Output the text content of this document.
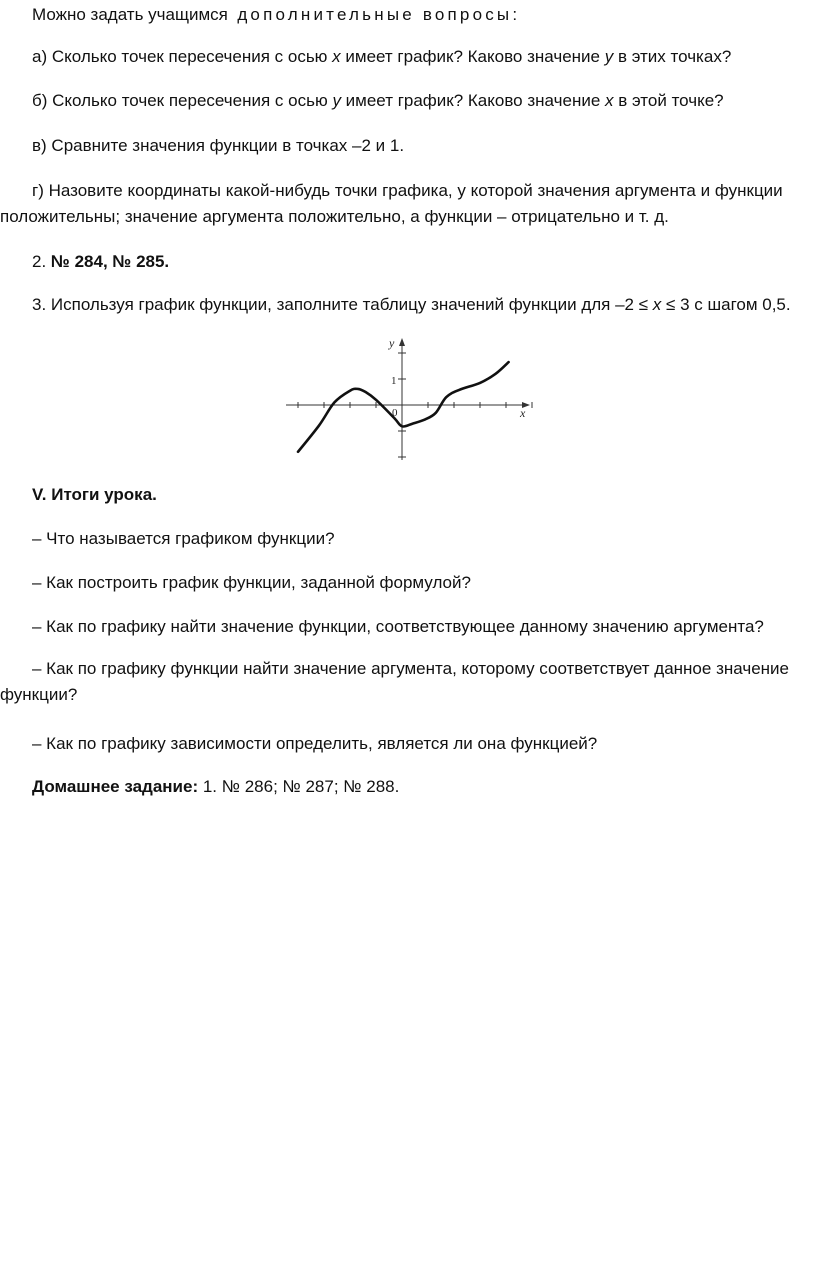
Можно задать учащимся дополнительные вопросы:
а) Сколько точек пересечения с осью x имеет график? Каково значение y в этих точках?
б) Сколько точек пересечения с осью y имеет график? Каково значение x в этой точке?
в) Сравните значения функции в точках –2 и 1.
г) Назовите координаты какой-нибудь точки графика, у которой значения аргумента и функции положительны; значение аргумента положительно, а функции – отрицательно и т. д.
2. № 284, № 285.
3. Используя график функции, заполните таблицу значений функции для –2 ≤ x ≤ 3 с шагом 0,5.
y
x
0
1
V. Итоги урока.
– Что называется графиком функции?
– Как построить график функции, заданной формулой?
– Как по графику найти значение функции, соответствующее данному значению аргумента?
– Как по графику функции найти значение аргумента, которому соответствует данное значение функции?
– Как по графику зависимости определить, является ли она функцией?
Домашнее задание: 1. № 286; № 287; № 288.
